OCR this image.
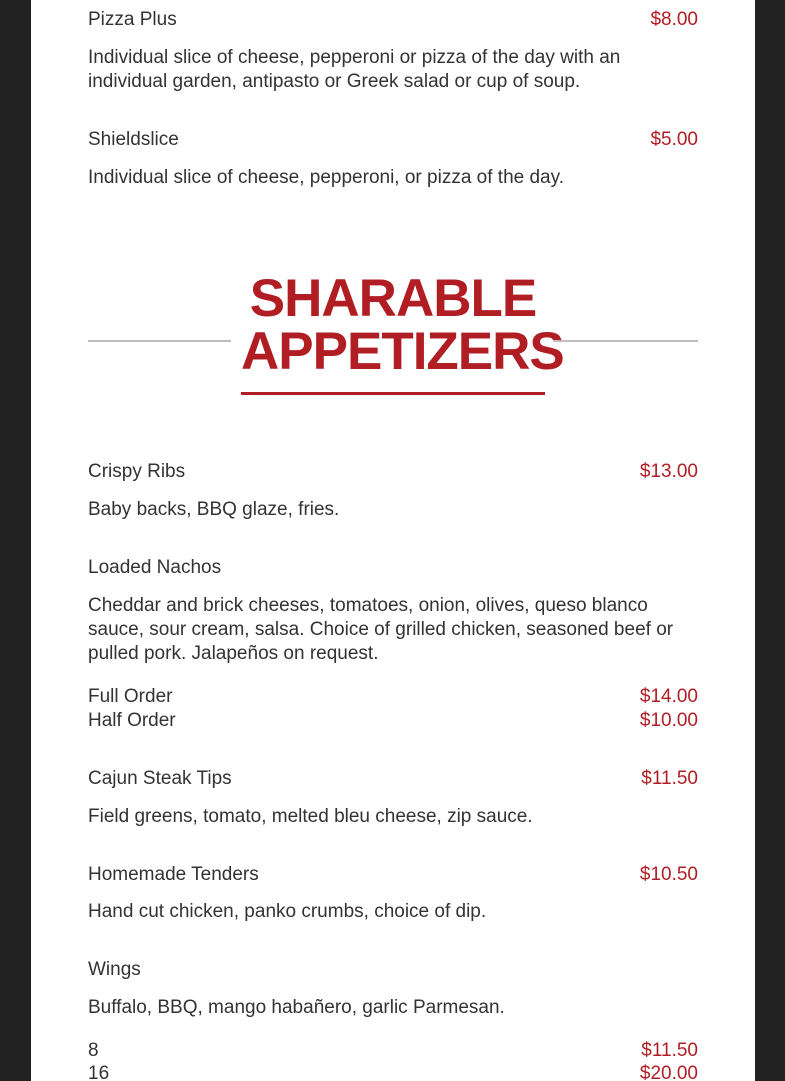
Pizza Plus	$8.00
Individual slice of cheese, pepperoni or pizza of the day with an individual garden, antipasto or Greek salad or cup of soup.
Shieldslice	$5.00
Individual slice of cheese, pepperoni, or pizza of the day.
SHARABLE
APPETIZERS
Crispy Ribs	$13.00
Baby backs, BBQ glaze, fries.
Loaded Nachos
Cheddar and brick cheeses, tomatoes, onion, olives, queso blanco sauce, sour cream, salsa. Choice of grilled chicken, seasoned beef or pulled pork. Jalapeños on request.
Full Order	$14.00
Half Order	$10.00
Cajun Steak Tips	$11.50
Field greens, tomato, melted bleu cheese, zip sauce.
Homemade Tenders	$10.50
Hand cut chicken, panko crumbs, choice of dip.
Wings
Buffalo, BBQ, mango habañero, garlic Parmesan.
8	$11.50
16	$20.00
